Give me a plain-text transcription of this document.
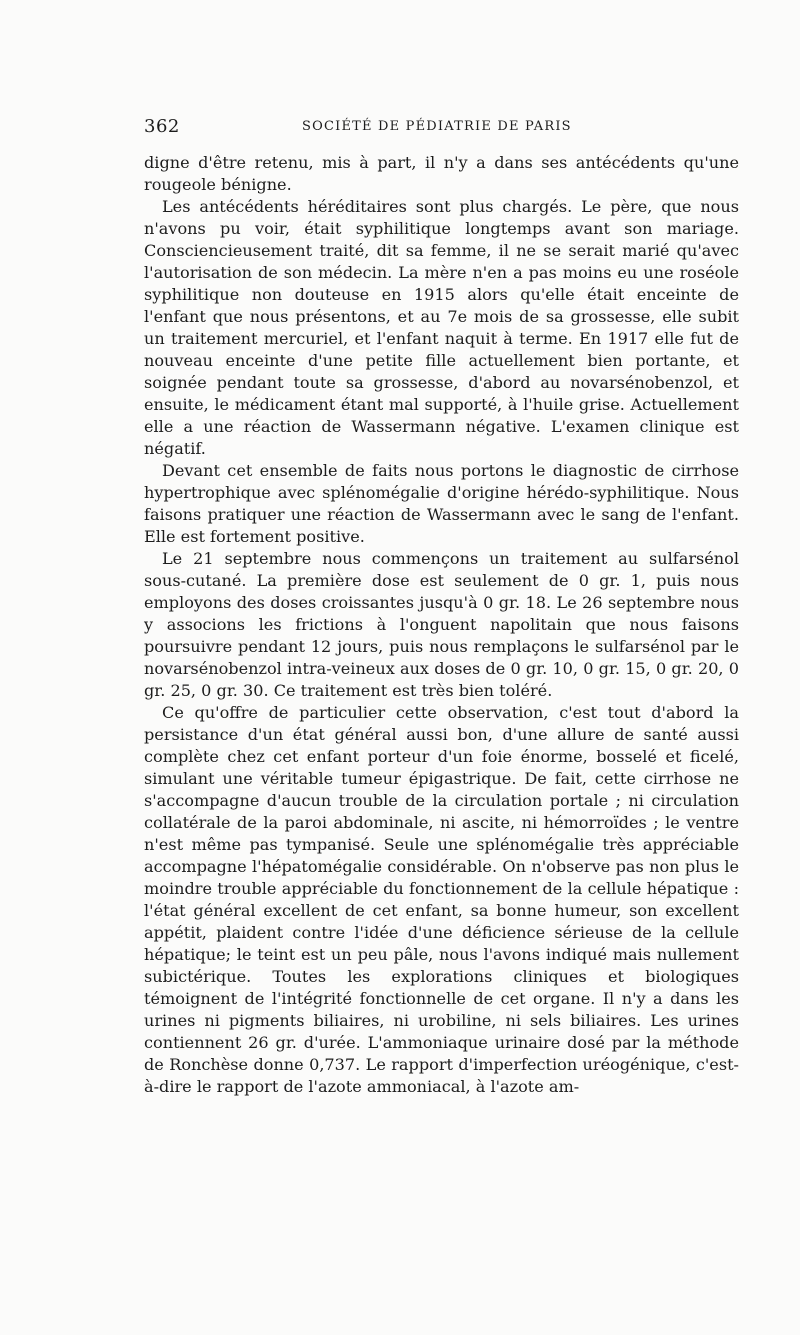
362	SOCIÉTÉ DE PÉDIATRIE DE PARIS

digne d'être retenu, mis à part, il n'y a dans ses antécédents qu'une rougeole bénigne.

Les antécédents héréditaires sont plus chargés. Le père, que nous n'avons pu voir, était syphilitique longtemps avant son mariage. Consciencieusement traité, dit sa femme, il ne se serait marié qu'avec l'autorisation de son médecin. La mère n'en a pas moins eu une roséole syphilitique non douteuse en 1915 alors qu'elle était enceinte de l'enfant que nous présentons, et au 7e mois de sa grossesse, elle subit un traitement mercuriel, et l'enfant naquit à terme. En 1917 elle fut de nouveau enceinte d'une petite fille actuellement bien portante, et soignée pendant toute sa grossesse, d'abord au novarsénobenzol, et ensuite, le médicament étant mal supporté, à l'huile grise. Actuellement elle a une réaction de Wassermann négative. L'examen clinique est négatif.

Devant cet ensemble de faits nous portons le diagnostic de cirrhose hypertrophique avec splénomégalie d'origine hérédo-syphilitique. Nous faisons pratiquer une réaction de Wassermann avec le sang de l'enfant. Elle est fortement positive.

Le 21 septembre nous commençons un traitement au sulfarsénol sous-cutané. La première dose est seulement de 0 gr. 1, puis nous employons des doses croissantes jusqu'à 0 gr. 18. Le 26 septembre nous y associons les frictions à l'onguent napolitain que nous faisons poursuivre pendant 12 jours, puis nous remplaçons le sulfarsénol par le novarsénobenzol intra-veineux aux doses de 0 gr. 10, 0 gr. 15, 0 gr. 20, 0 gr. 25, 0 gr. 30. Ce traitement est très bien toléré.

Ce qu'offre de particulier cette observation, c'est tout d'abord la persistance d'un état général aussi bon, d'une allure de santé aussi complète chez cet enfant porteur d'un foie énorme, bosselé et ficelé, simulant une véritable tumeur épigastrique. De fait, cette cirrhose ne s'accompagne d'aucun trouble de la circulation portale ; ni circulation collatérale de la paroi abdominale, ni ascite, ni hémorroïdes ; le ventre n'est même pas tympanisé. Seule une splénomégalie très appréciable accompagne l'hépatomégalie considérable. On n'observe pas non plus le moindre trouble appréciable du fonctionnement de la cellule hépatique : l'état général excellent de cet enfant, sa bonne humeur, son excellent appétit, plaident contre l'idée d'une déficience sérieuse de la cellule hépatique; le teint est un peu pâle, nous l'avons indiqué mais nullement subictérique. Toutes les explorations cliniques et biologiques témoignent de l'intégrité fonctionnelle de cet organe. Il n'y a dans les urines ni pigments biliaires, ni urobiline, ni sels biliaires. Les urines contiennent 26 gr. d'urée. L'ammoniaque urinaire dosé par la méthode de Ronchèse donne 0,737. Le rapport d'imperfection uréogénique, c'est-à-dire le rapport de l'azote ammoniacal, à l'azote am-
